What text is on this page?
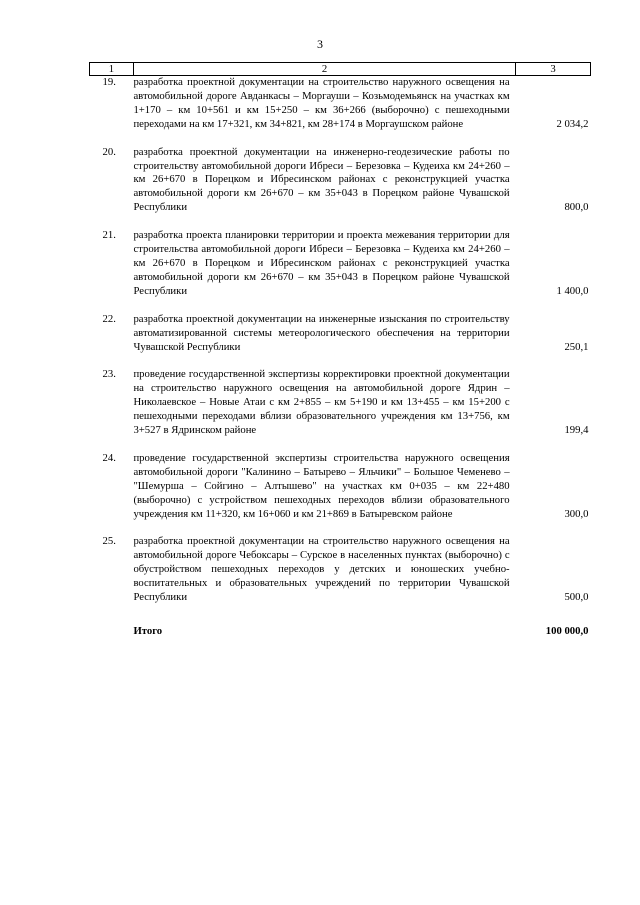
3
1	2	3
19.	разработка проектной документации на строительство наружного освещения на автомобильной дороге Авданкасы – Моргауши – Козьмодемьянск на участках км 1+170 – км 10+561 и км 15+250 – км 36+266 (выборочно) с пешеходными переходами на км 17+321, км 34+821, км 28+174 в Моргаушском районе	2 034,2

20.	разработка проектной документации на инженерно-геодезические работы по строительству автомобильной дороги Ибреси – Березовка – Кудеиха км 24+260 – км 26+670 в Порецком и Ибресинском районах с реконструкцией участка автомобильной дороги км 26+670 – км 35+043 в Порецком районе Чувашской Республики	800,0

21.	разработка проекта планировки территории и проекта межевания территории для строительства автомобильной дороги Ибреси – Березовка – Кудеиха км 24+260 – км 26+670 в Порецком и Ибресинском районах с реконструкцией участка автомобильной дороги км 26+670 – км 35+043 в Порецком районе Чувашской Республики	1 400,0

22.	разработка проектной документации на инженерные изыскания по строительству автоматизированной системы метеорологического обеспечения на территории Чувашской Республики	250,1

23.	проведение государственной экспертизы корректировки проектной документации на строительство наружного освещения на автомобильной дороге Ядрин – Николаевское – Новые Атаи с км 2+855 – км 5+190 и км 13+455 – км 15+200 с пешеходными переходами вблизи образовательного учреждения км 13+756, км 3+527 в Ядринском районе	199,4

24.	проведение государственной экспертизы строительства наружного освещения автомобильной дороги "Калинино – Батырево – Яльчики" – Большое Чеменево – "Шемурша – Сойгино – Алтышево" на участках км 0+035 – км 22+480 (выборочно) с устройством пешеходных переходов вблизи образовательного учреждения км 11+320, км 16+060 и км 21+869 в Батыревском районе	300,0

25.	разработка проектной документации на строительство наружного освещения на автомобильной дороге Чебоксары – Сурское в населенных пунктах (выборочно) с обустройством пешеходных переходов у детских и юношеских учебно-воспитательных и образовательных учреждений по территории Чувашской Республики	500,0

	Итого	100 000,0
